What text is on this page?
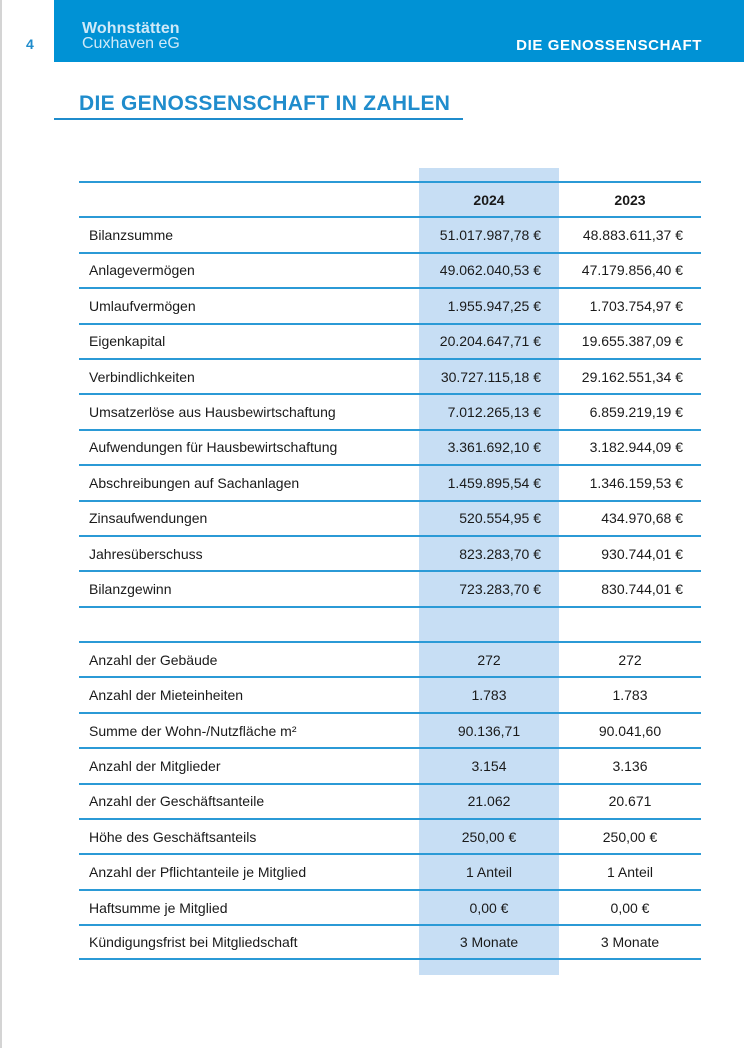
4
Wohnstätten
Cuxhaven eG	DIE GENOSSENSCHAFT
DIE GENOSSENSCHAFT IN ZAHLEN
2024	2023
Bilanzsumme	51.017.987,78 €	48.883.611,37 €
Anlagevermögen	49.062.040,53 €	47.179.856,40 €
Umlaufvermögen	1.955.947,25 €	1.703.754,97 €
Eigenkapital	20.204.647,71 €	19.655.387,09 €
Verbindlichkeiten	30.727.115,18 €	29.162.551,34 €
Umsatzerlöse aus Hausbewirtschaftung	7.012.265,13 €	6.859.219,19 €
Aufwendungen für Hausbewirtschaftung	3.361.692,10 €	3.182.944,09 €
Abschreibungen auf Sachanlagen	1.459.895,54 €	1.346.159,53 €
Zinsaufwendungen	520.554,95 €	434.970,68 €
Jahresüberschuss	823.283,70 €	930.744,01 €
Bilanzgewinn	723.283,70 €	830.744,01 €
Anzahl der Gebäude	272	272
Anzahl der Mieteinheiten	1.783	1.783
Summe der Wohn-/Nutzfläche m²	90.136,71	90.041,60
Anzahl der Mitglieder	3.154	3.136
Anzahl der Geschäftsanteile	21.062	20.671
Höhe des Geschäftsanteils	250,00 €	250,00 €
Anzahl der Pflichtanteile je Mitglied	1 Anteil	1 Anteil
Haftsumme je Mitglied	0,00 €	0,00 €
Kündigungsfrist bei Mitgliedschaft	3 Monate	3 Monate
